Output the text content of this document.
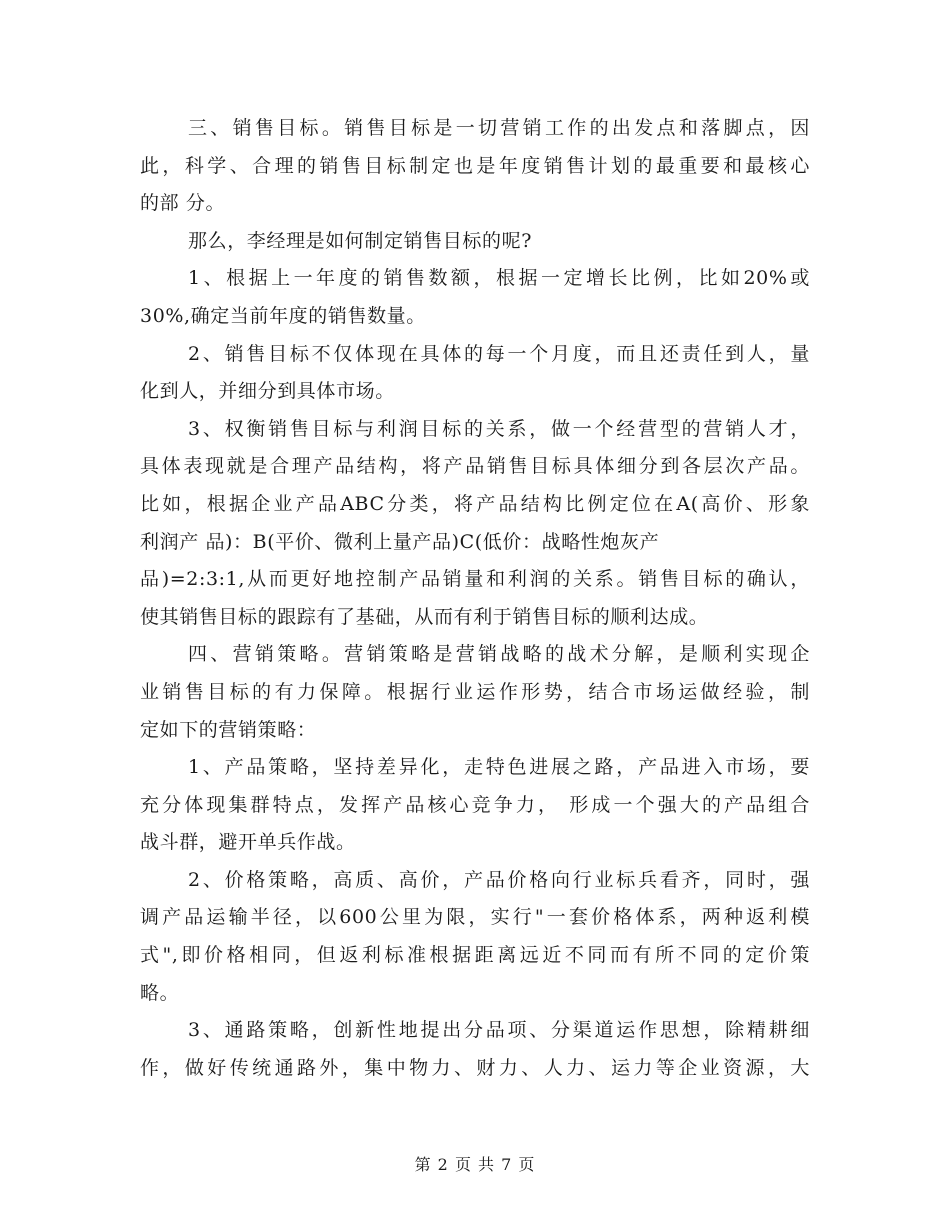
三、销售目标。销售目标是一切营销工作的出发点和落脚点，因
此，科学、合理的销售目标制定也是年度销售计划的最重要和最核心
的部 分。
那么，李经理是如何制定销售目标的呢?
1、根据上一年度的销售数额，根据一定增长比例，比如20%或
30%,确定当前年度的销售数量。
2、销售目标不仅体现在具体的每一个月度，而且还责任到人，量
化到人，并细分到具体市场。
3、权衡销售目标与利润目标的关系，做一个经营型的营销人才，
具体表现就是合理产品结构，将产品销售目标具体细分到各层次产品。
比如，根据企业产品ABC分类，将产品结构比例定位在A(高价、形象
利润产 品)：B(平价、微利上量产品)C(低价：战略性炮灰产
品)=2:3:1,从而更好地控制产品销量和利润的关系。销售目标的确认，
使其销售目标的跟踪有了基础，从而有利于销售目标的顺利达成。
四、营销策略。营销策略是营销战略的战术分解，是顺利实现企
业销售目标的有力保障。根据行业运作形势，结合市场运做经验，制
定如下的营销策略：
1、产品策略，坚持差异化，走特色进展之路，产品进入市场，要
充分体现集群特点，发挥产品核心竞争力， 形成一个强大的产品组合
战斗群，避开单兵作战。
2、价格策略，高质、高价，产品价格向行业标兵看齐，同时，强
调产品运输半径，以600公里为限，实行"一套价格体系，两种返利模
式",即价格相同，但返利标准根据距离远近不同而有所不同的定价策
略。
3、通路策略，创新性地提出分品项、分渠道运作思想，除精耕细
作，做好传统通路外，集中物力、财力、人力、运力等企业资源，大
第 2 页 共 7 页
